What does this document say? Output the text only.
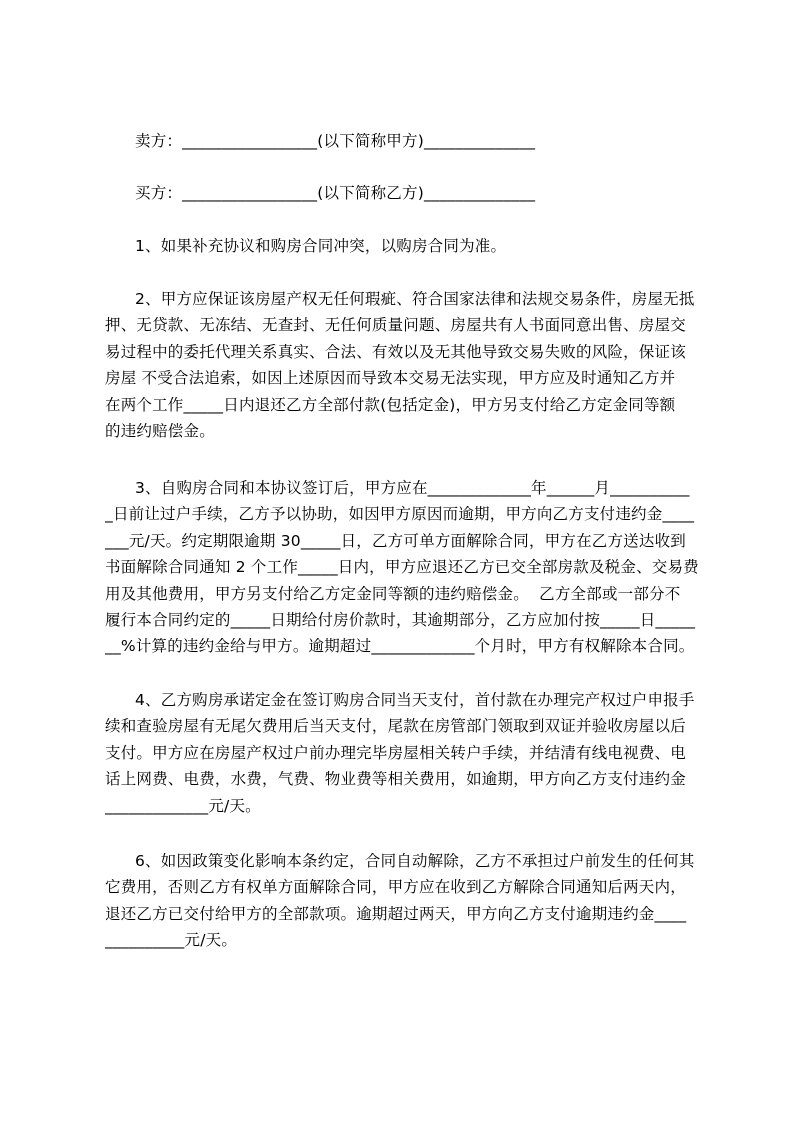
卖方：_________________(以下简称甲方)______________
买方：_________________(以下简称乙方)______________
1、如果补充协议和购房合同冲突，以购房合同为准。
2、甲方应保证该房屋产权无任何瑕疵、符合国家法律和法规交易条件，房屋无抵
押、无贷款、无冻结、无查封、无任何质量问题、房屋共有人书面同意出售、房屋交
易过程中的委托代理关系真实、合法、有效以及无其他导致交易失败的风险，保证该
房屋 不受合法追索，如因上述原因而导致本交易无法实现，甲方应及时通知乙方并
在两个工作_____日内退还乙方全部付款(包括定金)，甲方另支付给乙方定金同等额
的违约赔偿金。
3、自购房合同和本协议签订后，甲方应在_____________年______月__________
_日前让过户手续，乙方予以协助，如因甲方原因而逾期，甲方向乙方支付违约金____
___元/天。约定期限逾期 30_____日，乙方可单方面解除合同，甲方在乙方送达收到
书面解除合同通知 2 个工作_____日内，甲方应退还乙方已交全部房款及税金、交易费
用及其他费用，甲方另支付给乙方定金同等额的违约赔偿金。  乙方全部或一部分不
履行本合同约定的_____日期给付房价款时，其逾期部分，乙方应加付按_____日_____
__%计算的违约金给与甲方。逾期超过_____________个月时，甲方有权解除本合同。
4、乙方购房承诺定金在签订购房合同当天支付，首付款在办理完产权过户申报手
续和查验房屋有无尾欠费用后当天支付，尾款在房管部门领取到双证并验收房屋以后
支付。甲方应在房屋产权过户前办理完毕房屋相关转户手续，并结清有线电视费、电
话上网费、电费，水费，气费、物业费等相关费用，如逾期，甲方向乙方支付违约金
_____________元/天。
6、如因政策变化影响本条约定，合同自动解除，乙方不承担过户前发生的任何其
它费用，否则乙方有权单方面解除合同，甲方应在收到乙方解除合同通知后两天内，
退还乙方已交付给甲方的全部款项。逾期超过两天，甲方向乙方支付逾期违约金____
__________元/天。
